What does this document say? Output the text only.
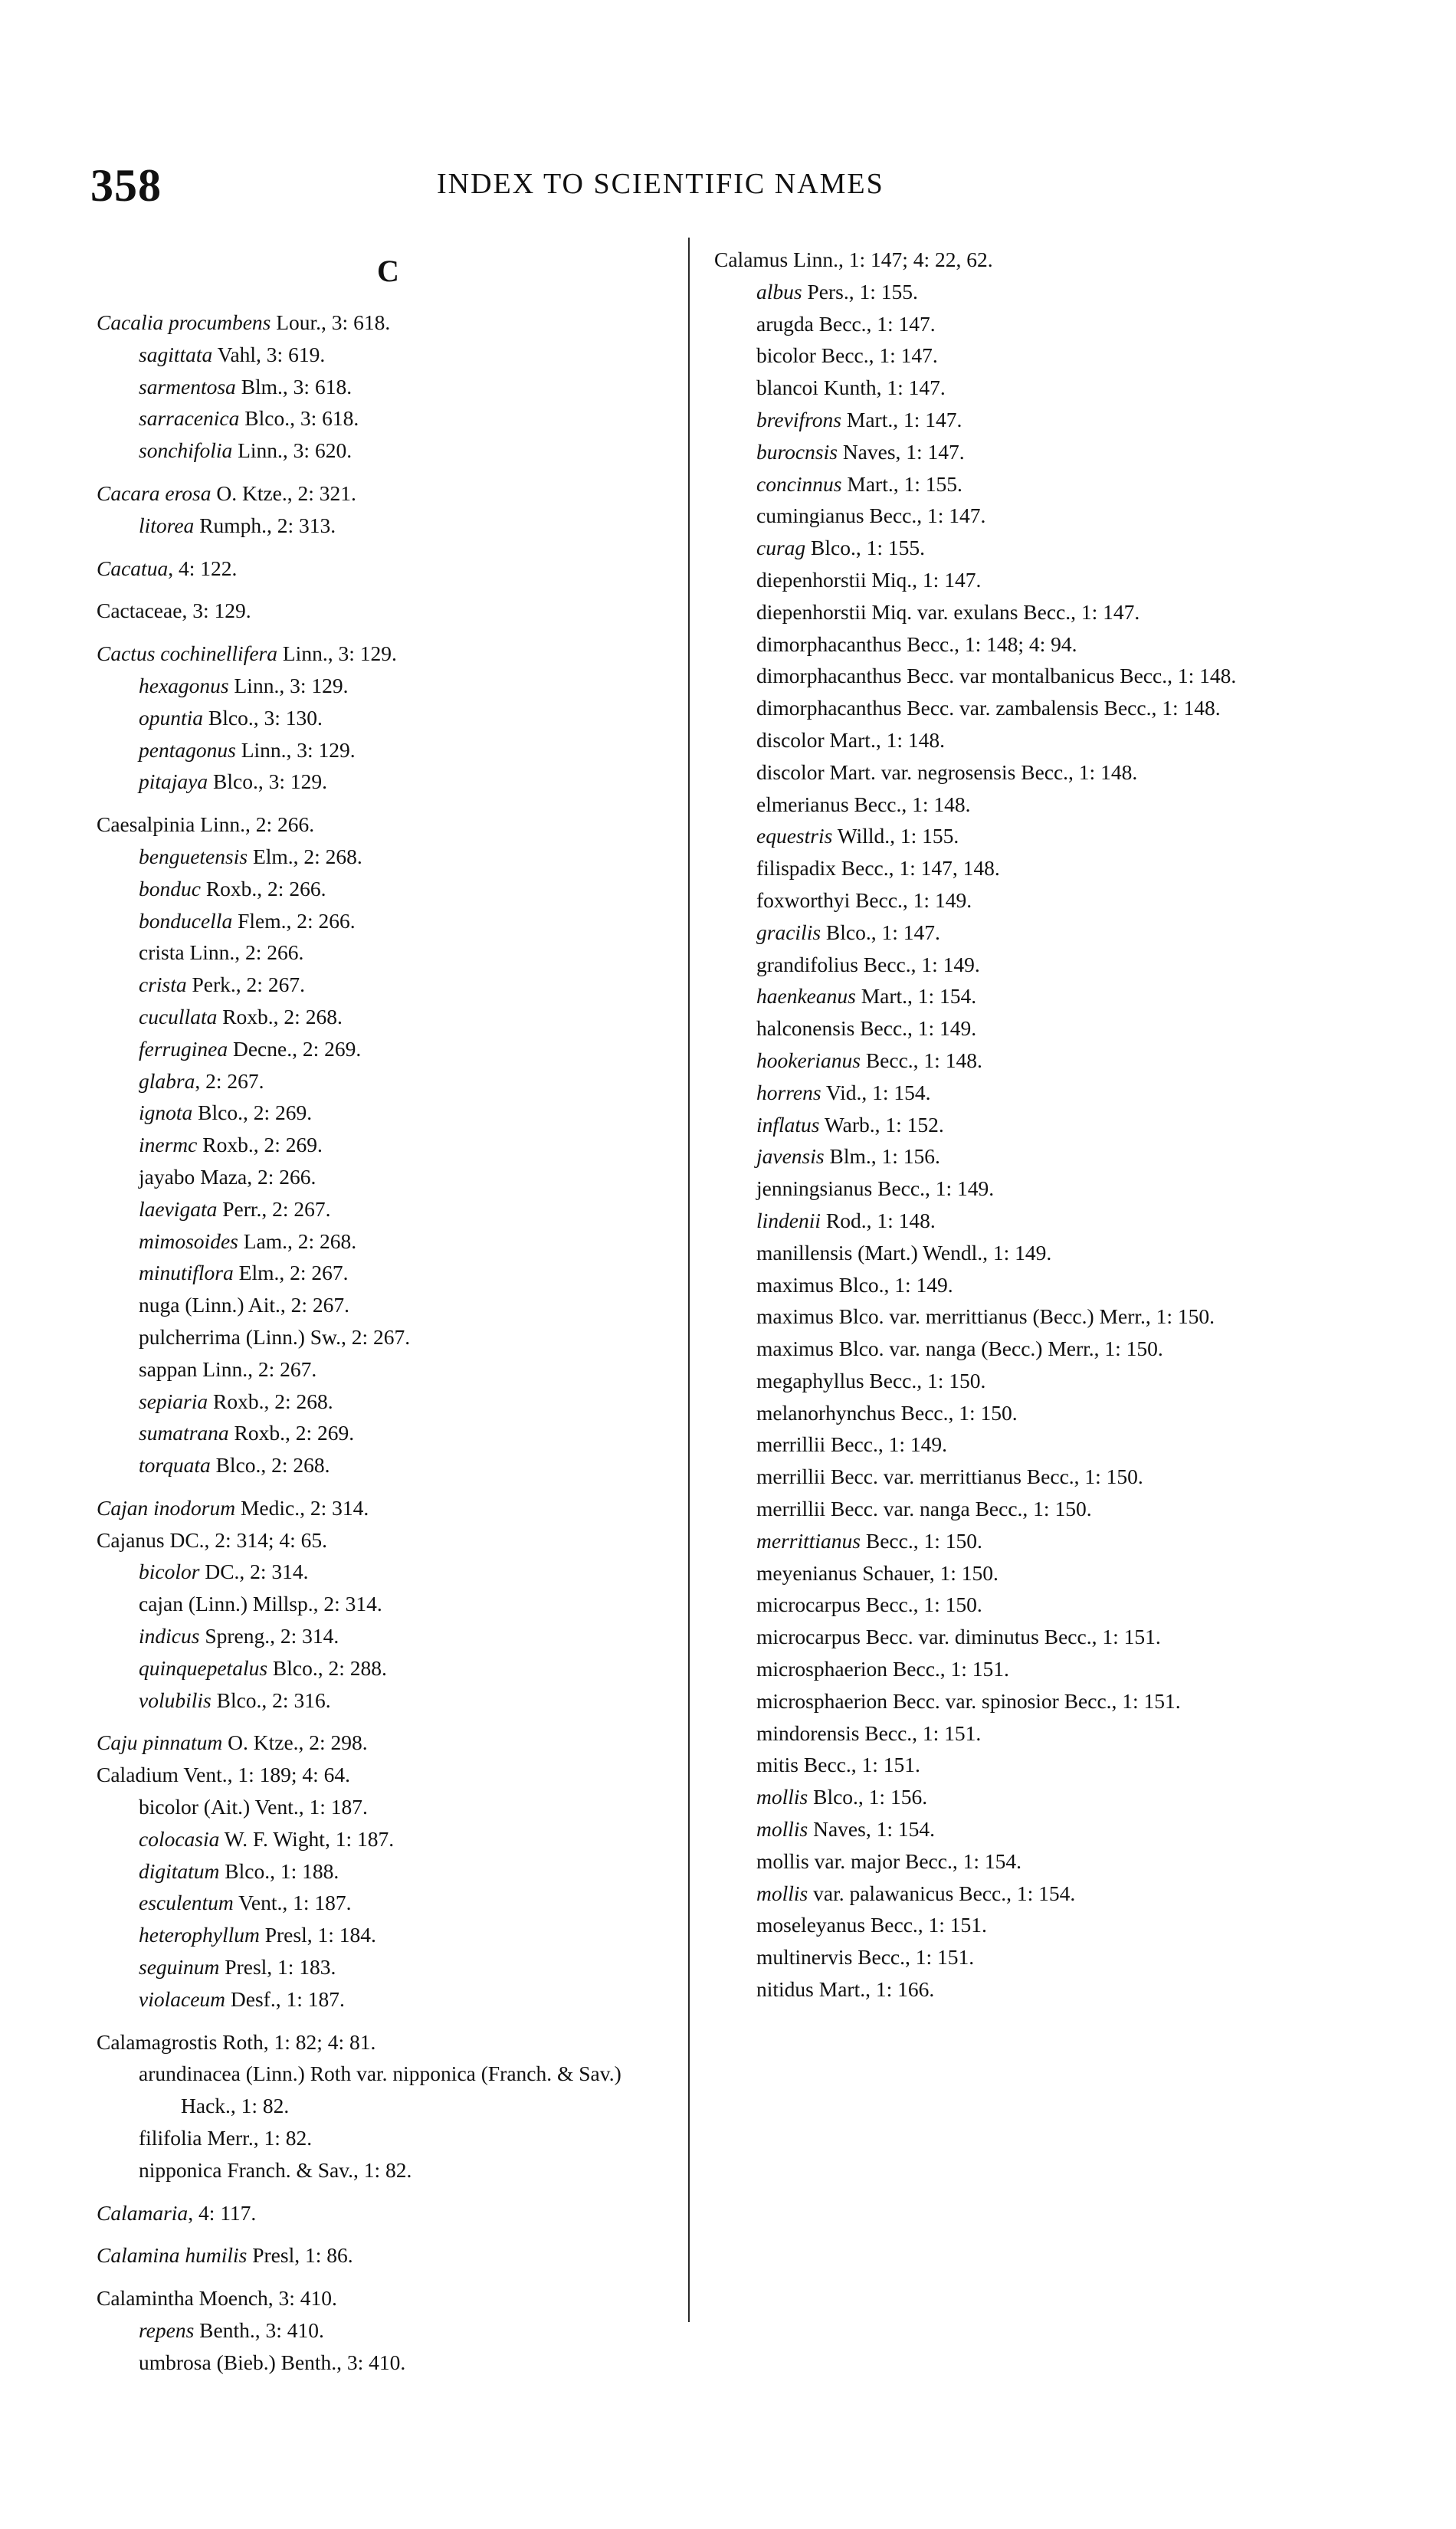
358	INDEX TO SCIENTIFIC NAMES
C
Cacalia procumbens Lour., 3: 618.
sagittata Vahl, 3: 619.
sarmentosa Blm., 3: 618.
sarracenica Blco., 3: 618.
sonchifolia Linn., 3: 620.
Cacara erosa O. Ktze., 2: 321.
litorea Rumph., 2: 313.
Cacatua, 4: 122.
Cactaceae, 3: 129.
Cactus cochinellifera Linn., 3: 129.
hexagonus Linn., 3: 129.
opuntia Blco., 3: 130.
pentagonus Linn., 3: 129.
pitajaya Blco., 3: 129.
Caesalpinia Linn., 2: 266.
benguetensis Elm., 2: 268.
bonduc Roxb., 2: 266.
bonducella Flem., 2: 266.
crista Linn., 2: 266.
crista Perk., 2: 267.
cucullata Roxb., 2: 268.
ferruginea Decne., 2: 269.
glabra, 2: 267.
ignota Blco., 2: 269.
inermc Roxb., 2: 269.
jayabo Maza, 2: 266.
laevigata Perr., 2: 267.
mimosoides Lam., 2: 268.
minutiflora Elm., 2: 267.
nuga (Linn.) Ait., 2: 267.
pulcherrima (Linn.) Sw., 2: 267.
sappan Linn., 2: 267.
sepiaria Roxb., 2: 268.
sumatrana Roxb., 2: 269.
torquata Blco., 2: 268.
Cajan inodorum Medic., 2: 314.
Cajanus DC., 2: 314; 4: 65.
bicolor DC., 2: 314.
cajan (Linn.) Millsp., 2: 314.
indicus Spreng., 2: 314.
quinquepetalus Blco., 2: 288.
volubilis Blco., 2: 316.
Caju pinnatum O. Ktze., 2: 298.
Caladium Vent., 1: 189; 4: 64.
bicolor (Ait.) Vent., 1: 187.
colocasia W. F. Wight, 1: 187.
digitatum Blco., 1: 188.
esculentum Vent., 1: 187.
heterophyllum Presl, 1: 184.
seguinum Presl, 1: 183.
violaceum Desf., 1: 187.
Calamagrostis Roth, 1: 82; 4: 81.
arundinacea (Linn.) Roth var. nipponica (Franch. & Sav.) Hack., 1: 82.
filifolia Merr., 1: 82.
nipponica Franch. & Sav., 1: 82.
Calamaria, 4: 117.
Calamina humilis Presl, 1: 86.
Calamintha Moench, 3: 410.
repens Benth., 3: 410.
umbrosa (Bieb.) Benth., 3: 410.
Calamus Linn., 1: 147; 4: 22, 62.
albus Pers., 1: 155.
arugda Becc., 1: 147.
bicolor Becc., 1: 147.
blancoi Kunth, 1: 147.
brevifrons Mart., 1: 147.
burocnsis Naves, 1: 147.
concinnus Mart., 1: 155.
cumingianus Becc., 1: 147.
curag Blco., 1: 155.
diepenhorstii Miq., 1: 147.
diepenhorstii Miq. var. exulans Becc., 1: 147.
dimorphacanthus Becc., 1: 148; 4: 94.
dimorphacanthus Becc. var montalbanicus Becc., 1: 148.
dimorphacanthus Becc. var. zambalensis Becc., 1: 148.
discolor Mart., 1: 148.
discolor Mart. var. negrosensis Becc., 1: 148.
elmerianus Becc., 1: 148.
equestris Willd., 1: 155.
filispadix Becc., 1: 147, 148.
foxworthyi Becc., 1: 149.
gracilis Blco., 1: 147.
grandifolius Becc., 1: 149.
haenkeanus Mart., 1: 154.
halconensis Becc., 1: 149.
hookerianus Becc., 1: 148.
horrens Vid., 1: 154.
inflatus Warb., 1: 152.
javensis Blm., 1: 156.
jenningsianus Becc., 1: 149.
lindenii Rod., 1: 148.
manillensis (Mart.) Wendl., 1: 149.
maximus Blco., 1: 149.
maximus Blco. var. merrittianus (Becc.) Merr., 1: 150.
maximus Blco. var. nanga (Becc.) Merr., 1: 150.
megaphyllus Becc., 1: 150.
melanorhynchus Becc., 1: 150.
merrillii Becc., 1: 149.
merrillii Becc. var. merrittianus Becc., 1: 150.
merrillii Becc. var. nanga Becc., 1: 150.
merrittianus Becc., 1: 150.
meyenianus Schauer, 1: 150.
microcarpus Becc., 1: 150.
microcarpus Becc. var. diminutus Becc., 1: 151.
microsphaerion Becc., 1: 151.
microsphaerion Becc. var. spinosior Becc., 1: 151.
mindorensis Becc., 1: 151.
mitis Becc., 1: 151.
mollis Blco., 1: 156.
mollis Naves, 1: 154.
mollis var. major Becc., 1: 154.
mollis var. palawanicus Becc., 1: 154.
moseleyanus Becc., 1: 151.
multinervis Becc., 1: 151.
nitidus Mart., 1: 166.
